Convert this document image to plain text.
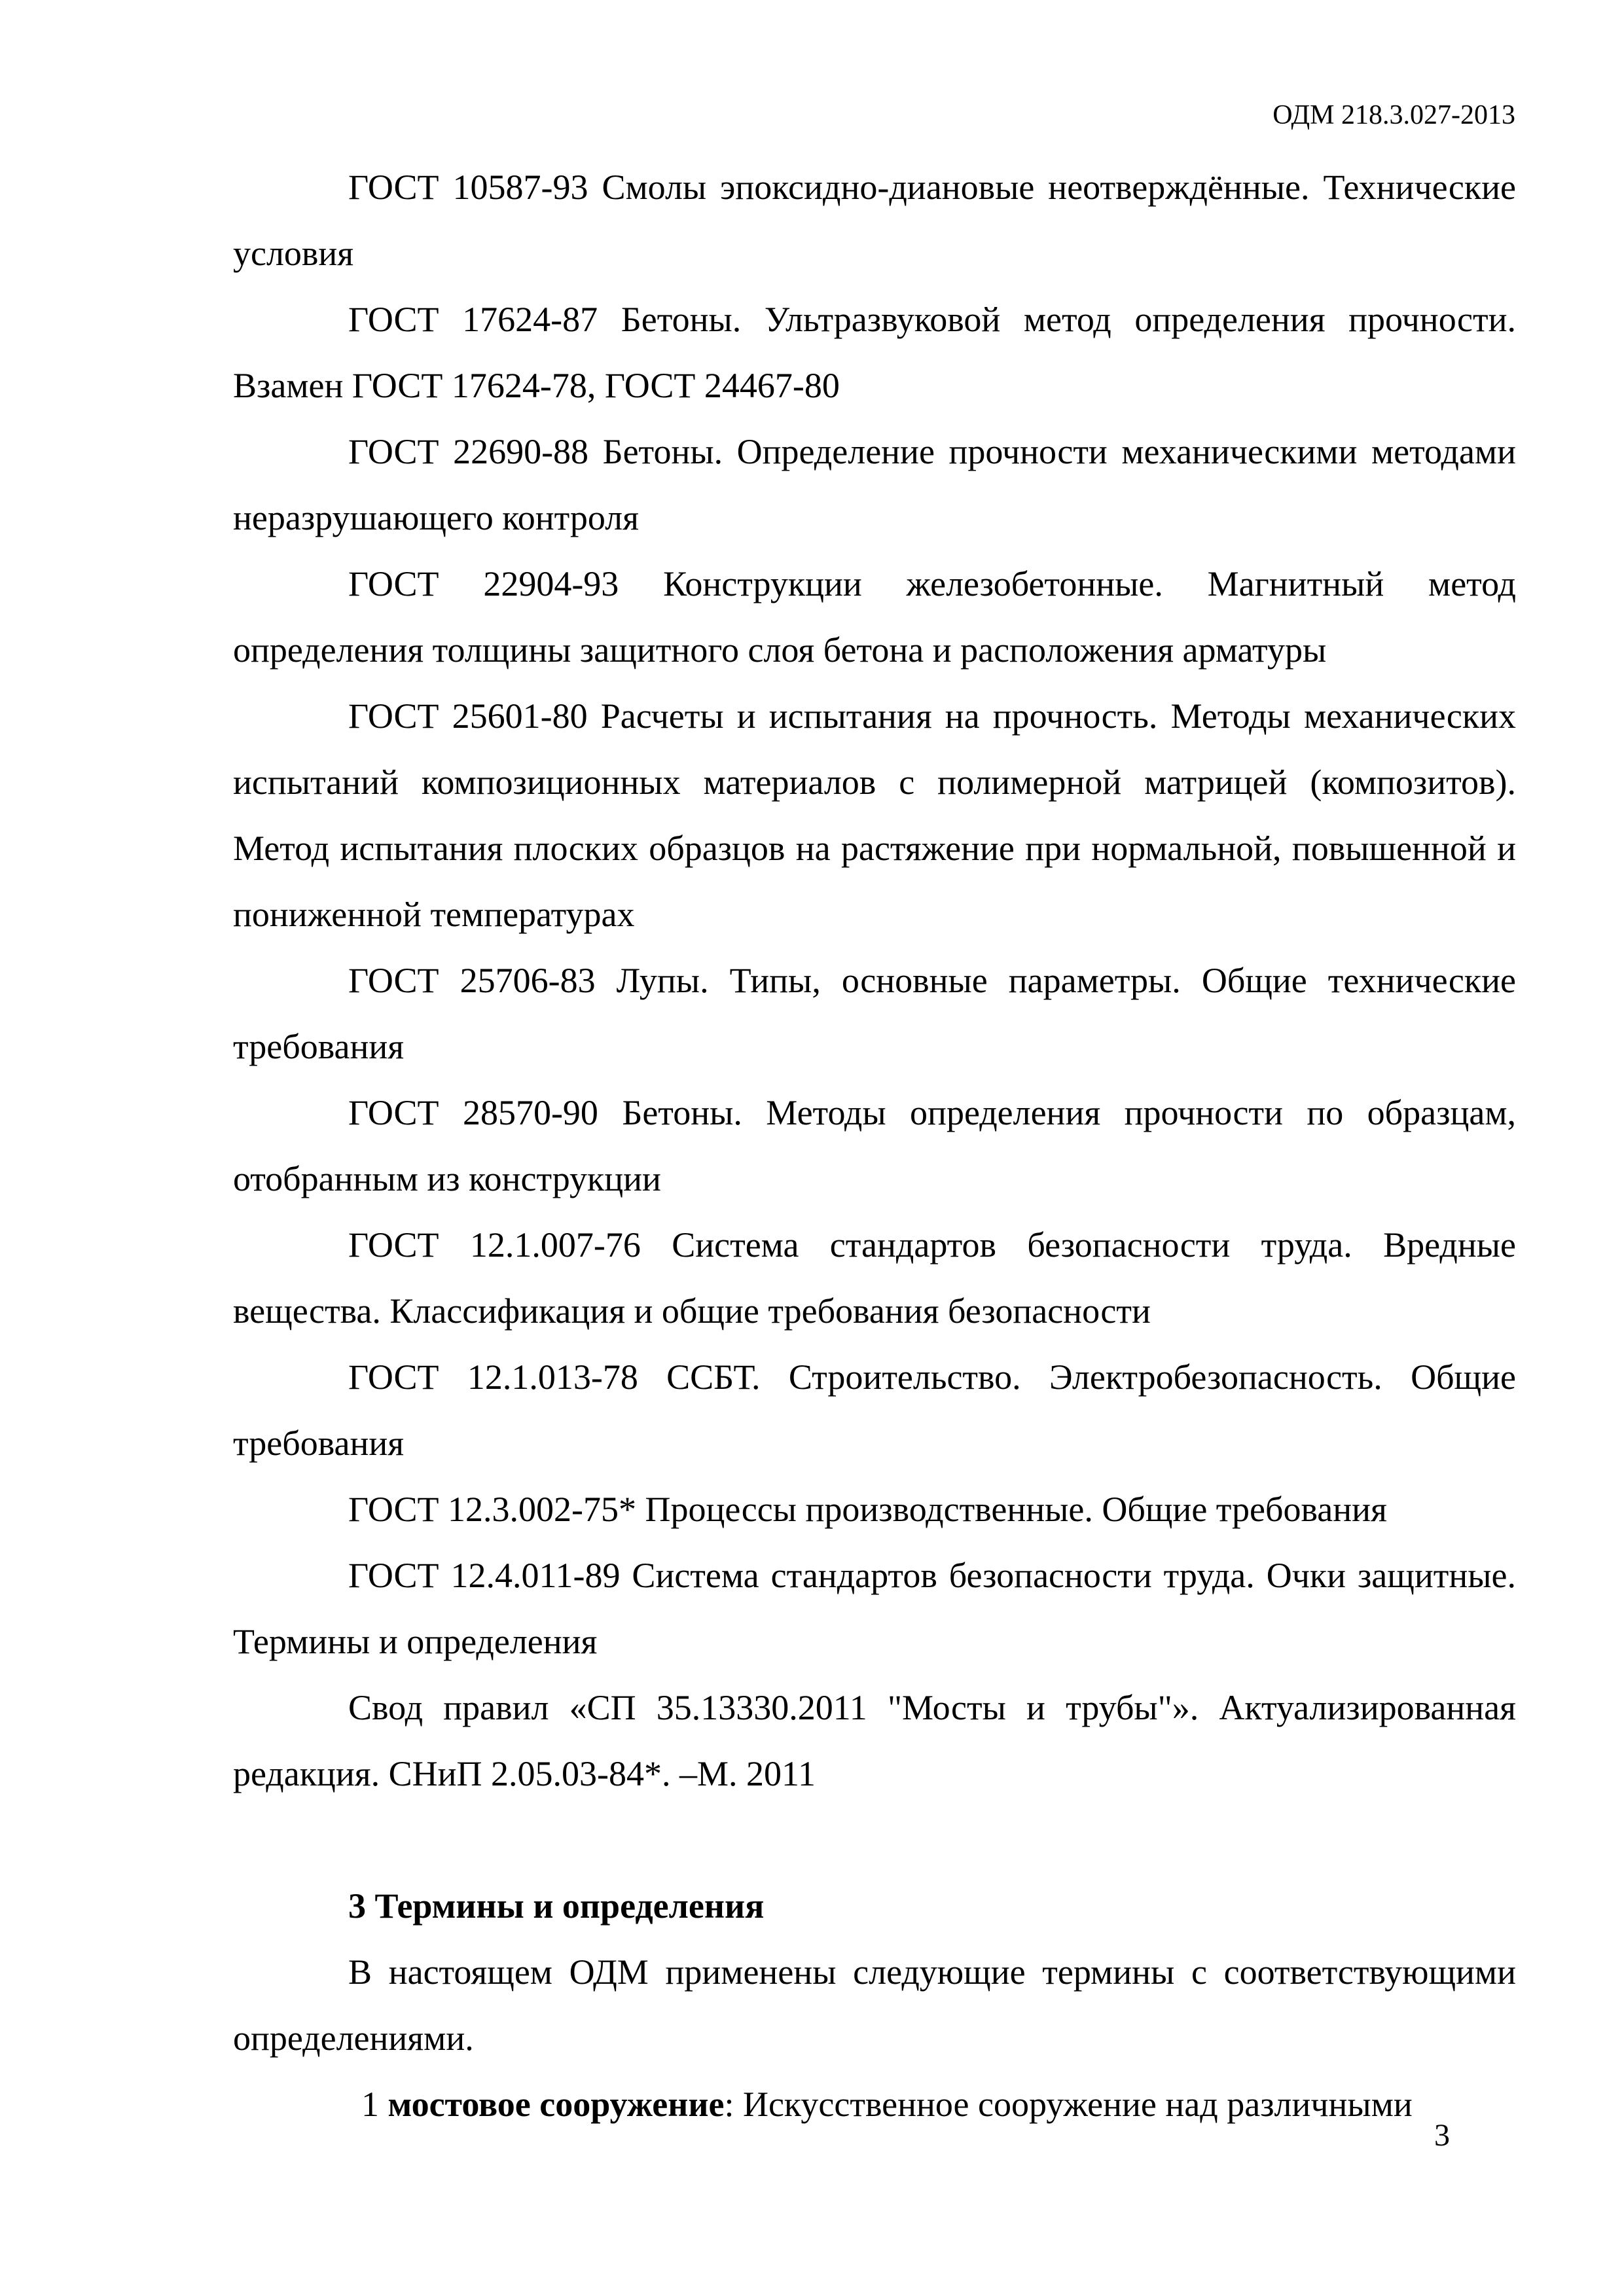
ОДМ 218.3.027-2013

ГОСТ 10587-93 Смолы эпоксидно-диановые неотверждённые. Технические условия

ГОСТ 17624-87 Бетоны. Ультразвуковой метод определения прочности. Взамен ГОСТ 17624-78, ГОСТ 24467-80

ГОСТ 22690-88 Бетоны. Определение прочности механическими методами неразрушающего контроля

ГОСТ 22904-93 Конструкции железобетонные. Магнитный метод определения толщины защитного слоя бетона и расположения арматуры

ГОСТ 25601-80 Расчеты и испытания на прочность. Методы механических испытаний композиционных материалов с полимерной матрицей (композитов). Метод испытания плоских образцов на растяжение при нормальной, повышенной и пониженной температурах

ГОСТ 25706-83 Лупы. Типы, основные параметры. Общие технические требования

ГОСТ 28570-90 Бетоны. Методы определения прочности по образцам, отобранным из конструкции

ГОСТ 12.1.007-76 Система стандартов безопасности труда. Вредные вещества. Классификация и общие требования безопасности

ГОСТ 12.1.013-78 ССБТ. Строительство. Электробезопасность. Общие требования

ГОСТ 12.3.002-75* Процессы производственные. Общие требования

ГОСТ 12.4.011-89 Система стандартов безопасности труда. Очки защитные. Термины и определения

Свод правил «СП 35.13330.2011 "Мосты и трубы"». Актуализированная редакция. СНиП 2.05.03-84*. –М. 2011

3 Термины и определения

В настоящем ОДМ применены следующие термины с соответствующими определениями.

1 мостовое сооружение: Искусственное сооружение над различными

3
